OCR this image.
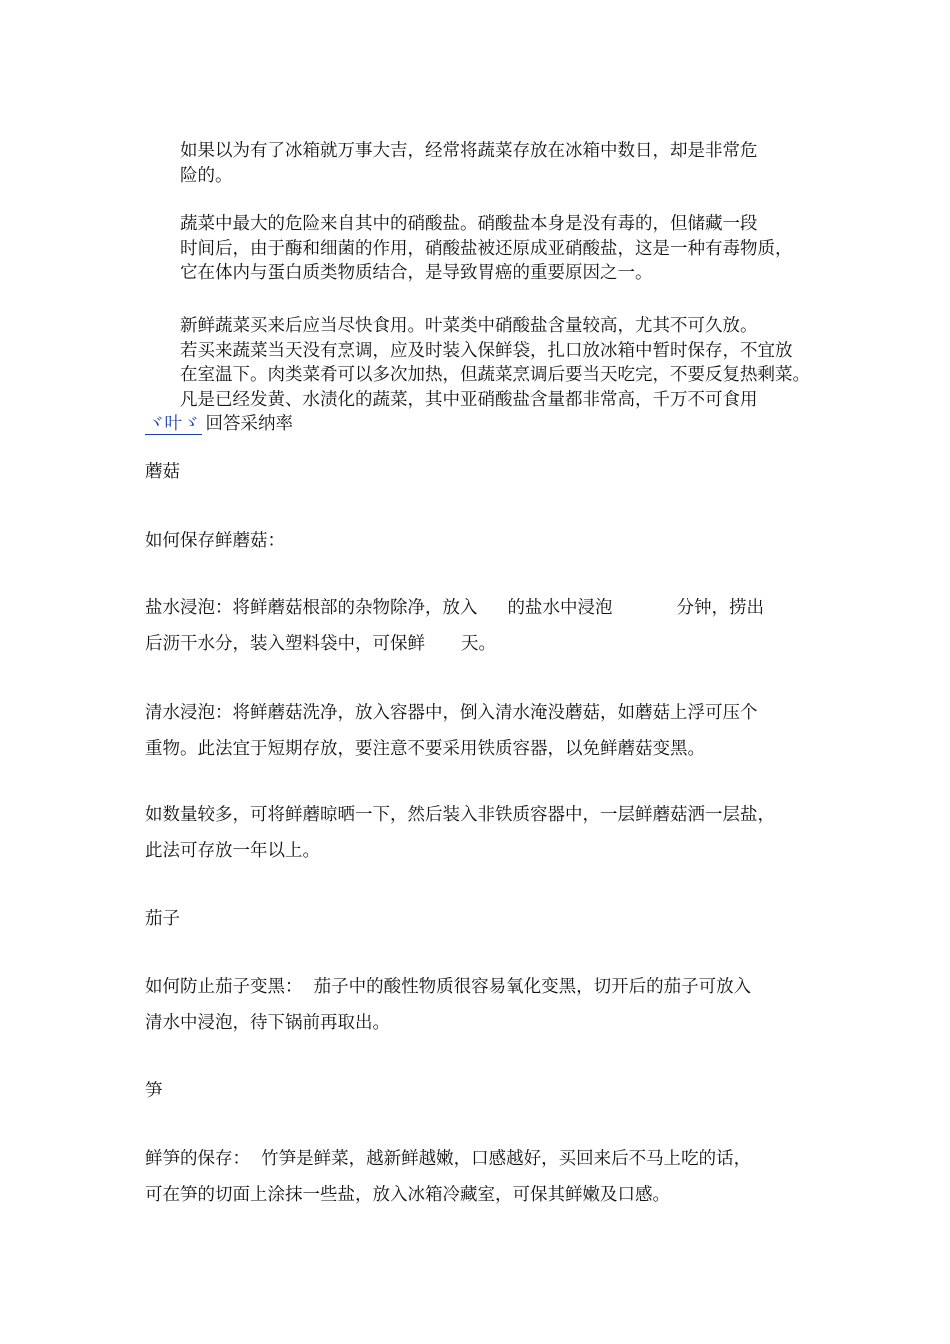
如果以为有了冰箱就万事大吉，经常将蔬菜存放在冰箱中数日，却是非常危
险的。

蔬菜中最大的危险来自其中的硝酸盐。硝酸盐本身是没有毒的，但储藏一段
时间后，由于酶和细菌的作用，硝酸盐被还原成亚硝酸盐，这是一种有毒物质，
它在体内与蛋白质类物质结合，是导致胃癌的重要原因之一。

新鲜蔬菜买来后应当尽快食用。叶菜类中硝酸盐含量较高，尤其不可久放。
若买来蔬菜当天没有烹调，应及时装入保鲜袋，扎口放冰箱中暂时保存，不宜放
在室温下。肉类菜肴可以多次加热，但蔬菜烹调后要当天吃完，不要反复热剩菜。
凡是已经发黄、水渍化的蔬菜，其中亚硝酸盐含量都非常高，千万不可食用
ヾ叶ゞ 回答采纳率

蘑菇

如何保存鲜蘑菇：

盐水浸泡：将鲜蘑菇根部的杂物除净，放入 的盐水中浸泡	分钟，捞出
后沥干水分，装入塑料袋中，可保鲜 天。

清水浸泡：将鲜蘑菇洗净，放入容器中，倒入清水淹没蘑菇，如蘑菇上浮可压个
重物。此法宜于短期存放，要注意不要采用铁质容器，以免鲜蘑菇变黑。

如数量较多，可将鲜蘑晾晒一下，然后装入非铁质容器中，一层鲜蘑菇洒一层盐，
此法可存放一年以上。

茄子

如何防止茄子变黑：  茄子中的酸性物质很容易氧化变黑，切开后的茄子可放入
清水中浸泡，待下锅前再取出。

笋

鲜笋的保存：  竹笋是鲜菜，越新鲜越嫩，口感越好，买回来后不马上吃的话，
可在笋的切面上涂抹一些盐，放入冰箱冷藏室，可保其鲜嫩及口感。
